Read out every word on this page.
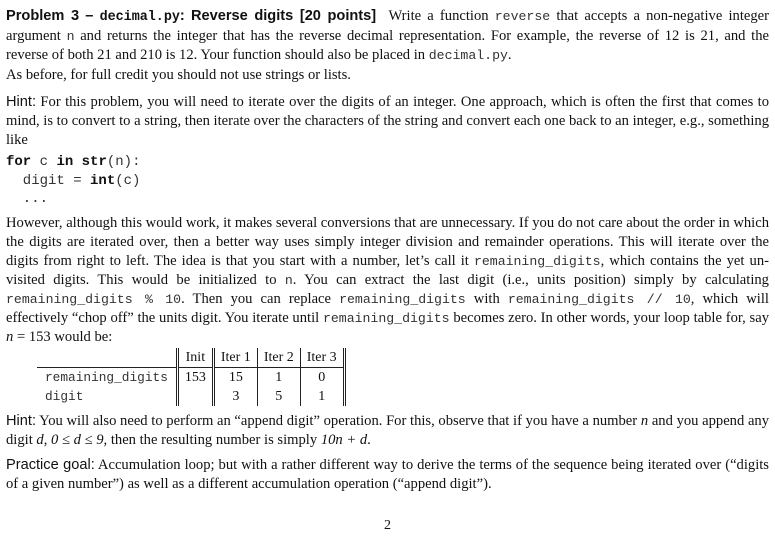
Problem 3 – decimal.py: Reverse digits [20 points] Write a function reverse that accepts a non-negative integer argument n and returns the integer that has the reverse decimal representation. For example, the reverse of 12 is 21, and the reverse of both 21 and 210 is 12. Your function should also be placed in decimal.py.
As before, for full credit you should not use strings or lists.
Hint: For this problem, you will need to iterate over the digits of an integer. One approach, which is often the first that comes to mind, is to convert to a string, then iterate over the characters of the string and convert each one back to an integer, e.g., something like
for c in str(n):
digit = int(c)
...
However, although this would work, it makes several conversions that are unnecessary. If you do not care about the order in which the digits are iterated over, then a better way uses simply integer division and remainder operations. This will iterate over the digits from right to left. The idea is that you start with a number, let’s call it remaining_digits, which contains the yet un-visited digits. This would be initialized to n. You can extract the last digit (i.e., units position) simply by calculating remaining_digits % 10. Then you can replace remaining_digits with remaining_digits // 10, which will effectively “chop off” the units digit. You iterate until remaining_digits becomes zero. In other words, your loop table for, say n = 153 would be:
	Init	Iter 1	Iter 2	Iter 3
remaining_digits	153	15	1	0
digit		3	5	1
Hint: You will also need to perform an “append digit” operation. For this, observe that if you have a number n and you append any digit d, 0 ≤ d ≤ 9, then the resulting number is simply 10n + d.
Practice goal: Accumulation loop; but with a rather different way to derive the terms of the sequence being iterated over (“digits of a given number”) as well as a different accumulation operation (“append digit”).
2
